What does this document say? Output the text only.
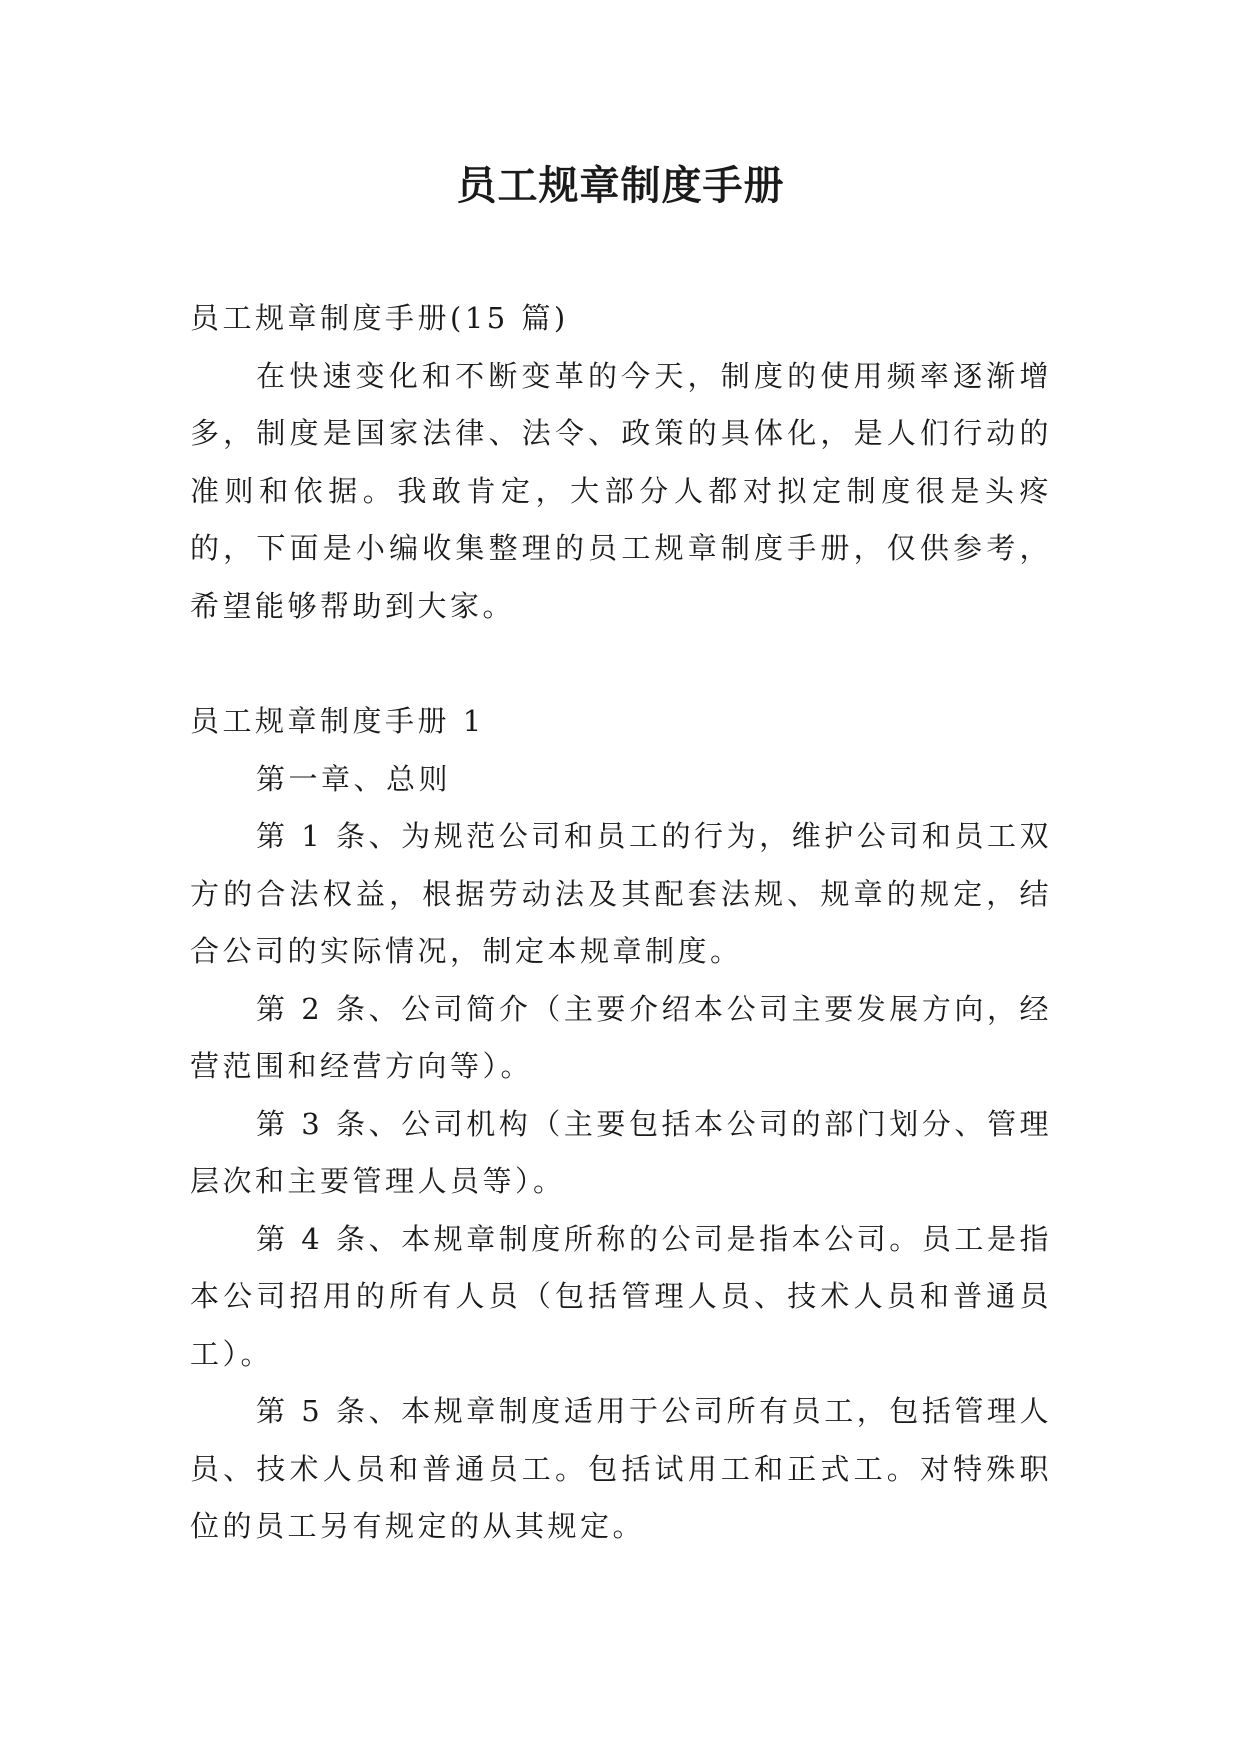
员工规章制度手册

员工规章制度手册(15 篇)

在快速变化和不断变革的今天，制度的使用频率逐渐增多，制度是国家法律、法令、政策的具体化，是人们行动的准则和依据。我敢肯定，大部分人都对拟定制度很是头疼的，下面是小编收集整理的员工规章制度手册，仅供参考，希望能够帮助到大家。

员工规章制度手册 1

第一章、总则

第 1 条、为规范公司和员工的行为，维护公司和员工双方的合法权益，根据劳动法及其配套法规、规章的规定，结合公司的实际情况，制定本规章制度。

第 2 条、公司简介（主要介绍本公司主要发展方向，经营范围和经营方向等）。

第 3 条、公司机构（主要包括本公司的部门划分、管理层次和主要管理人员等）。

第 4 条、本规章制度所称的公司是指本公司。员工是指本公司招用的所有人员（包括管理人员、技术人员和普通员工）。

第 5 条、本规章制度适用于公司所有员工，包括管理人员、技术人员和普通员工。包括试用工和正式工。对特殊职位的员工另有规定的从其规定。
